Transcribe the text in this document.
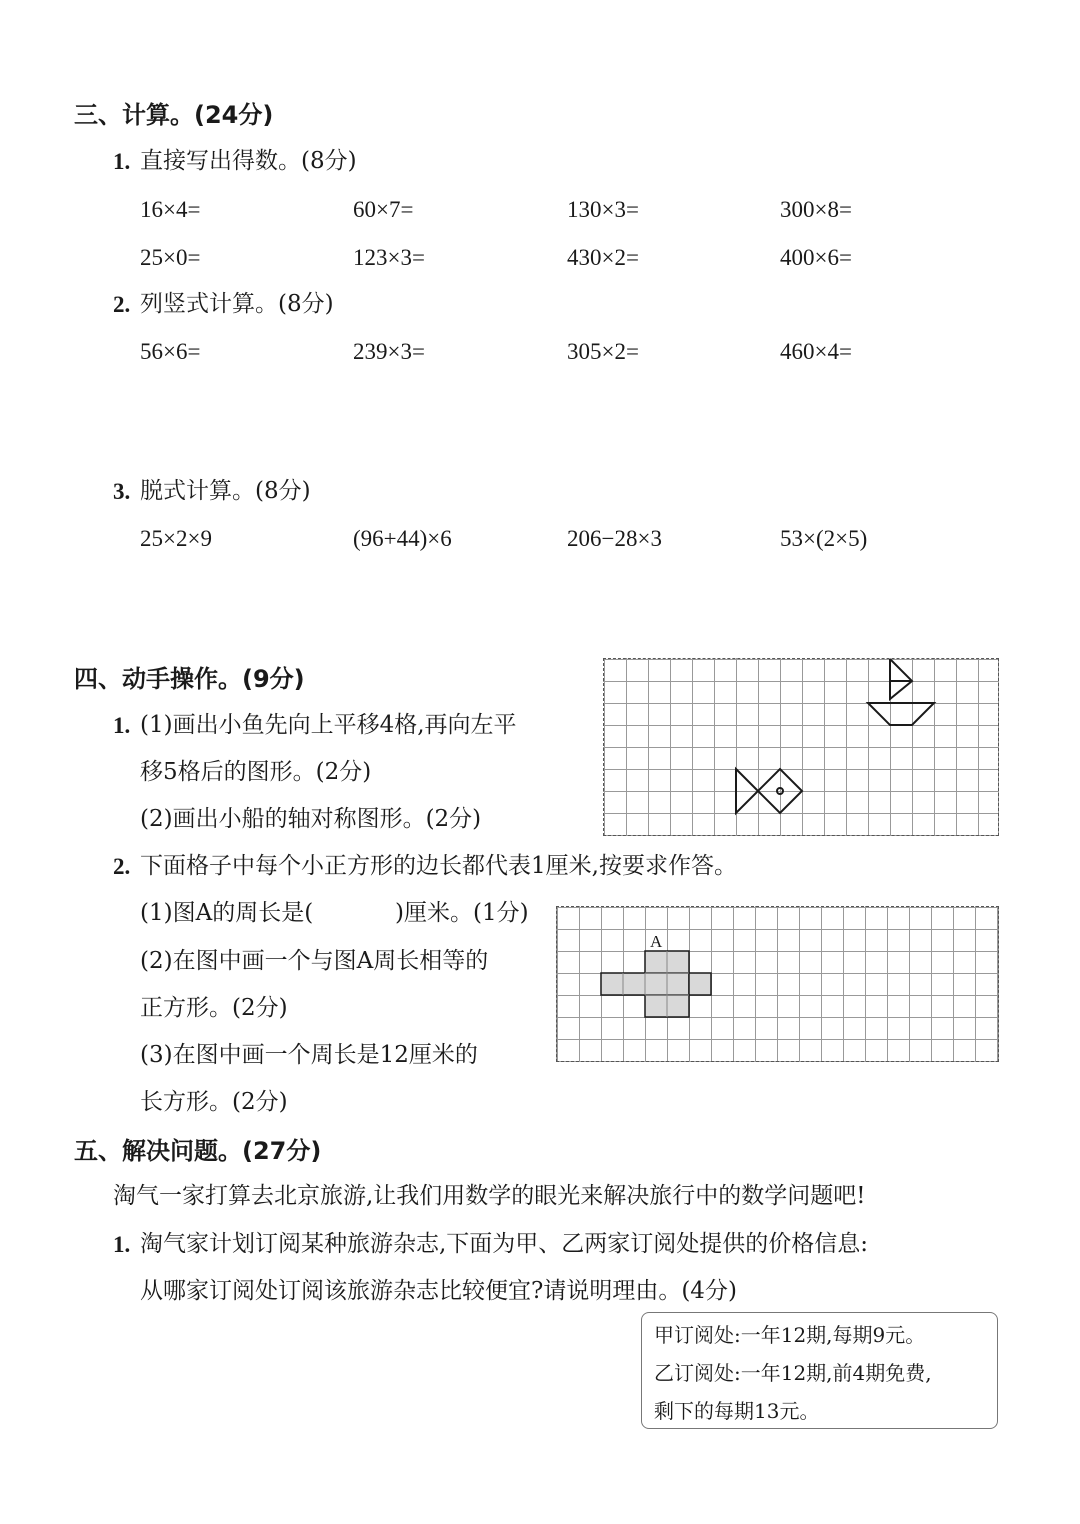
三、计算。(24分)
1. 直接写出得数。(8分)
16×4=	60×7=	130×3=	300×8=
25×0=	123×3=	430×2=	400×6=
2. 列竖式计算。(8分)
56×6=	239×3=	305×2=	460×4=
3. 脱式计算。(8分)
25×2×9	(96+44)×6	206−28×3	53×(2×5)
四、动手操作。(9分)
1. (1)画出小鱼先向上平移4格,再向左平
移5格后的图形。(2分)
(2)画出小船的轴对称图形。(2分)
2. 下面格子中每个小正方形的边长都代表1厘米,按要求作答。
(1)图A的周长是(	)厘米。(1分)
(2)在图中画一个与图A周长相等的
正方形。(2分)
(3)在图中画一个周长是12厘米的
长方形。(2分)
A
五、解决问题。(27分)
淘气一家打算去北京旅游,让我们用数学的眼光来解决旅行中的数学问题吧!
1. 淘气家计划订阅某种旅游杂志,下面为甲、乙两家订阅处提供的价格信息:
从哪家订阅处订阅该旅游杂志比较便宜?请说明理由。(4分)
甲订阅处:一年12期,每期9元。
乙订阅处:一年12期,前4期免费,
剩下的每期13元。
